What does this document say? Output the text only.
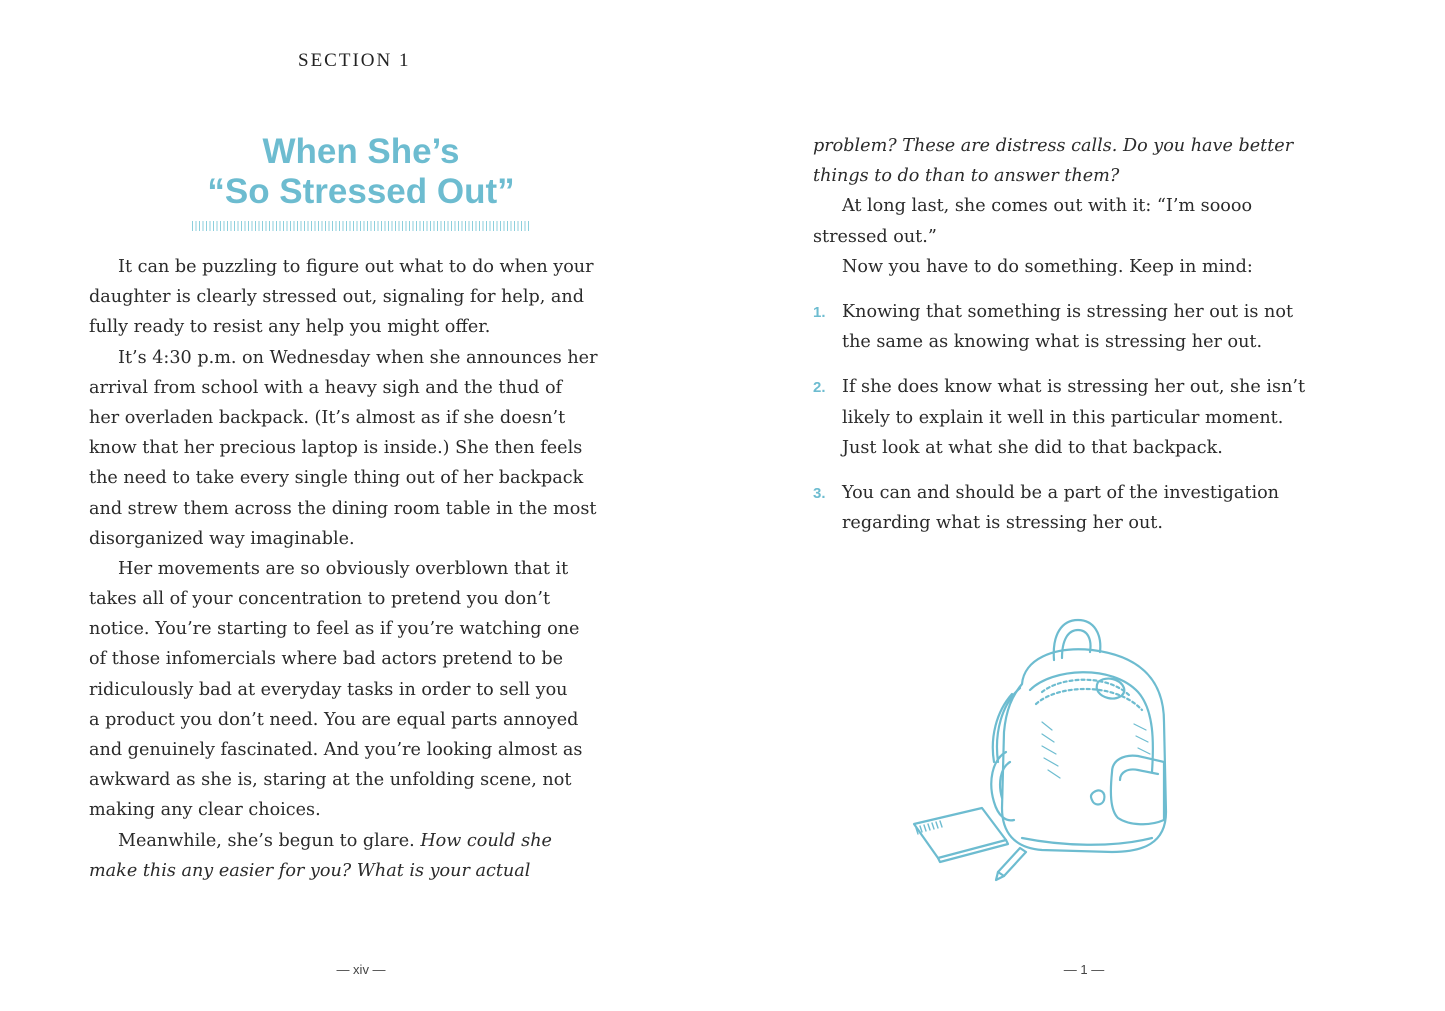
SECTION 1
When She’s
“So Stressed Out”
It can be puzzling to figure out what to do when your
daughter is clearly stressed out, signaling for help, and
fully ready to resist any help you might offer.
It’s 4:30 p.m. on Wednesday when she announces her
arrival from school with a heavy sigh and the thud of
her overladen backpack. (It’s almost as if she doesn’t
know that her precious laptop is inside.) She then feels
the need to take every single thing out of her backpack
and strew them across the dining room table in the most
disorganized way imaginable.
Her movements are so obviously overblown that it
takes all of your concentration to pretend you don’t
notice. You’re starting to feel as if you’re watching one
of those infomercials where bad actors pretend to be
ridiculously bad at everyday tasks in order to sell you
a product you don’t need. You are equal parts annoyed
and genuinely fascinated. And you’re looking almost as
awkward as she is, staring at the unfolding scene, not
making any clear choices.
Meanwhile, she’s begun to glare. How could she
make this any easier for you? What is your actual
— xiv —
problem? These are distress calls. Do you have better
things to do than to answer them?
At long last, she comes out with it: “I’m soooo
stressed out.”
Now you have to do something. Keep in mind:
1. Knowing that something is stressing her out is not
the same as knowing what is stressing her out.
2. If she does know what is stressing her out, she isn’t
likely to explain it well in this particular moment.
Just look at what she did to that backpack.
3. You can and should be a part of the investigation
regarding what is stressing her out.
— 1 —
